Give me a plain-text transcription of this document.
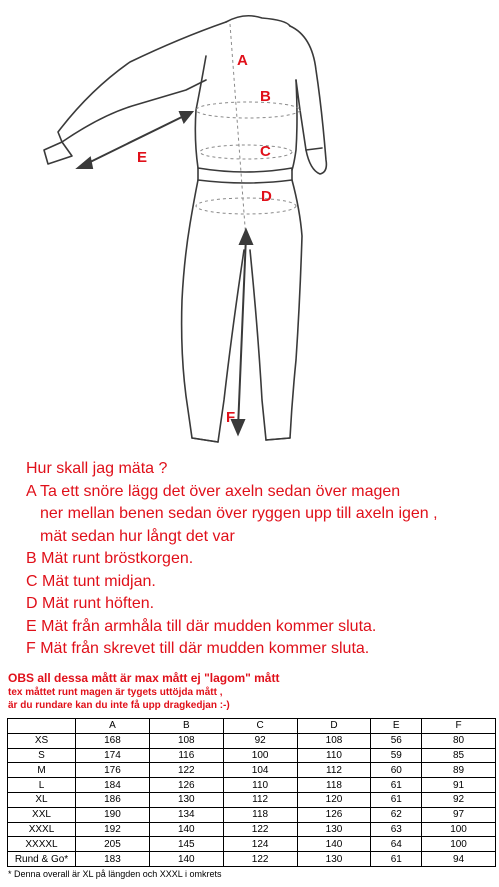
A
B
C
D
E
F
Hur skall jag mäta ?
A Ta ett snöre lägg det över axeln sedan över magen
ner mellan benen sedan över ryggen upp till axeln igen ,
mät sedan hur långt det var
B Mät runt bröstkorgen.
C Mät tunt midjan.
D Mät runt höften.
E Mät från armhåla till där mudden kommer sluta.
F Mät från skrevet till där mudden kommer sluta.
OBS all dessa mått är max mått ej "lagom" mått
tex måttet runt magen är tygets uttöjda mått ,
är du rundare kan du inte få upp dragkedjan :-)
	A	B	C	D	E	F
XS	168	108	92	108	56	80
S	174	116	100	110	59	85
M	176	122	104	112	60	89
L	184	126	110	118	61	91
XL	186	130	112	120	61	92
XXL	190	134	118	126	62	97
XXXL	192	140	122	130	63	100
XXXXL	205	145	124	140	64	100
Rund & Go*	183	140	122	130	61	94
* Denna overall är XL på längden och XXXL i omkrets
